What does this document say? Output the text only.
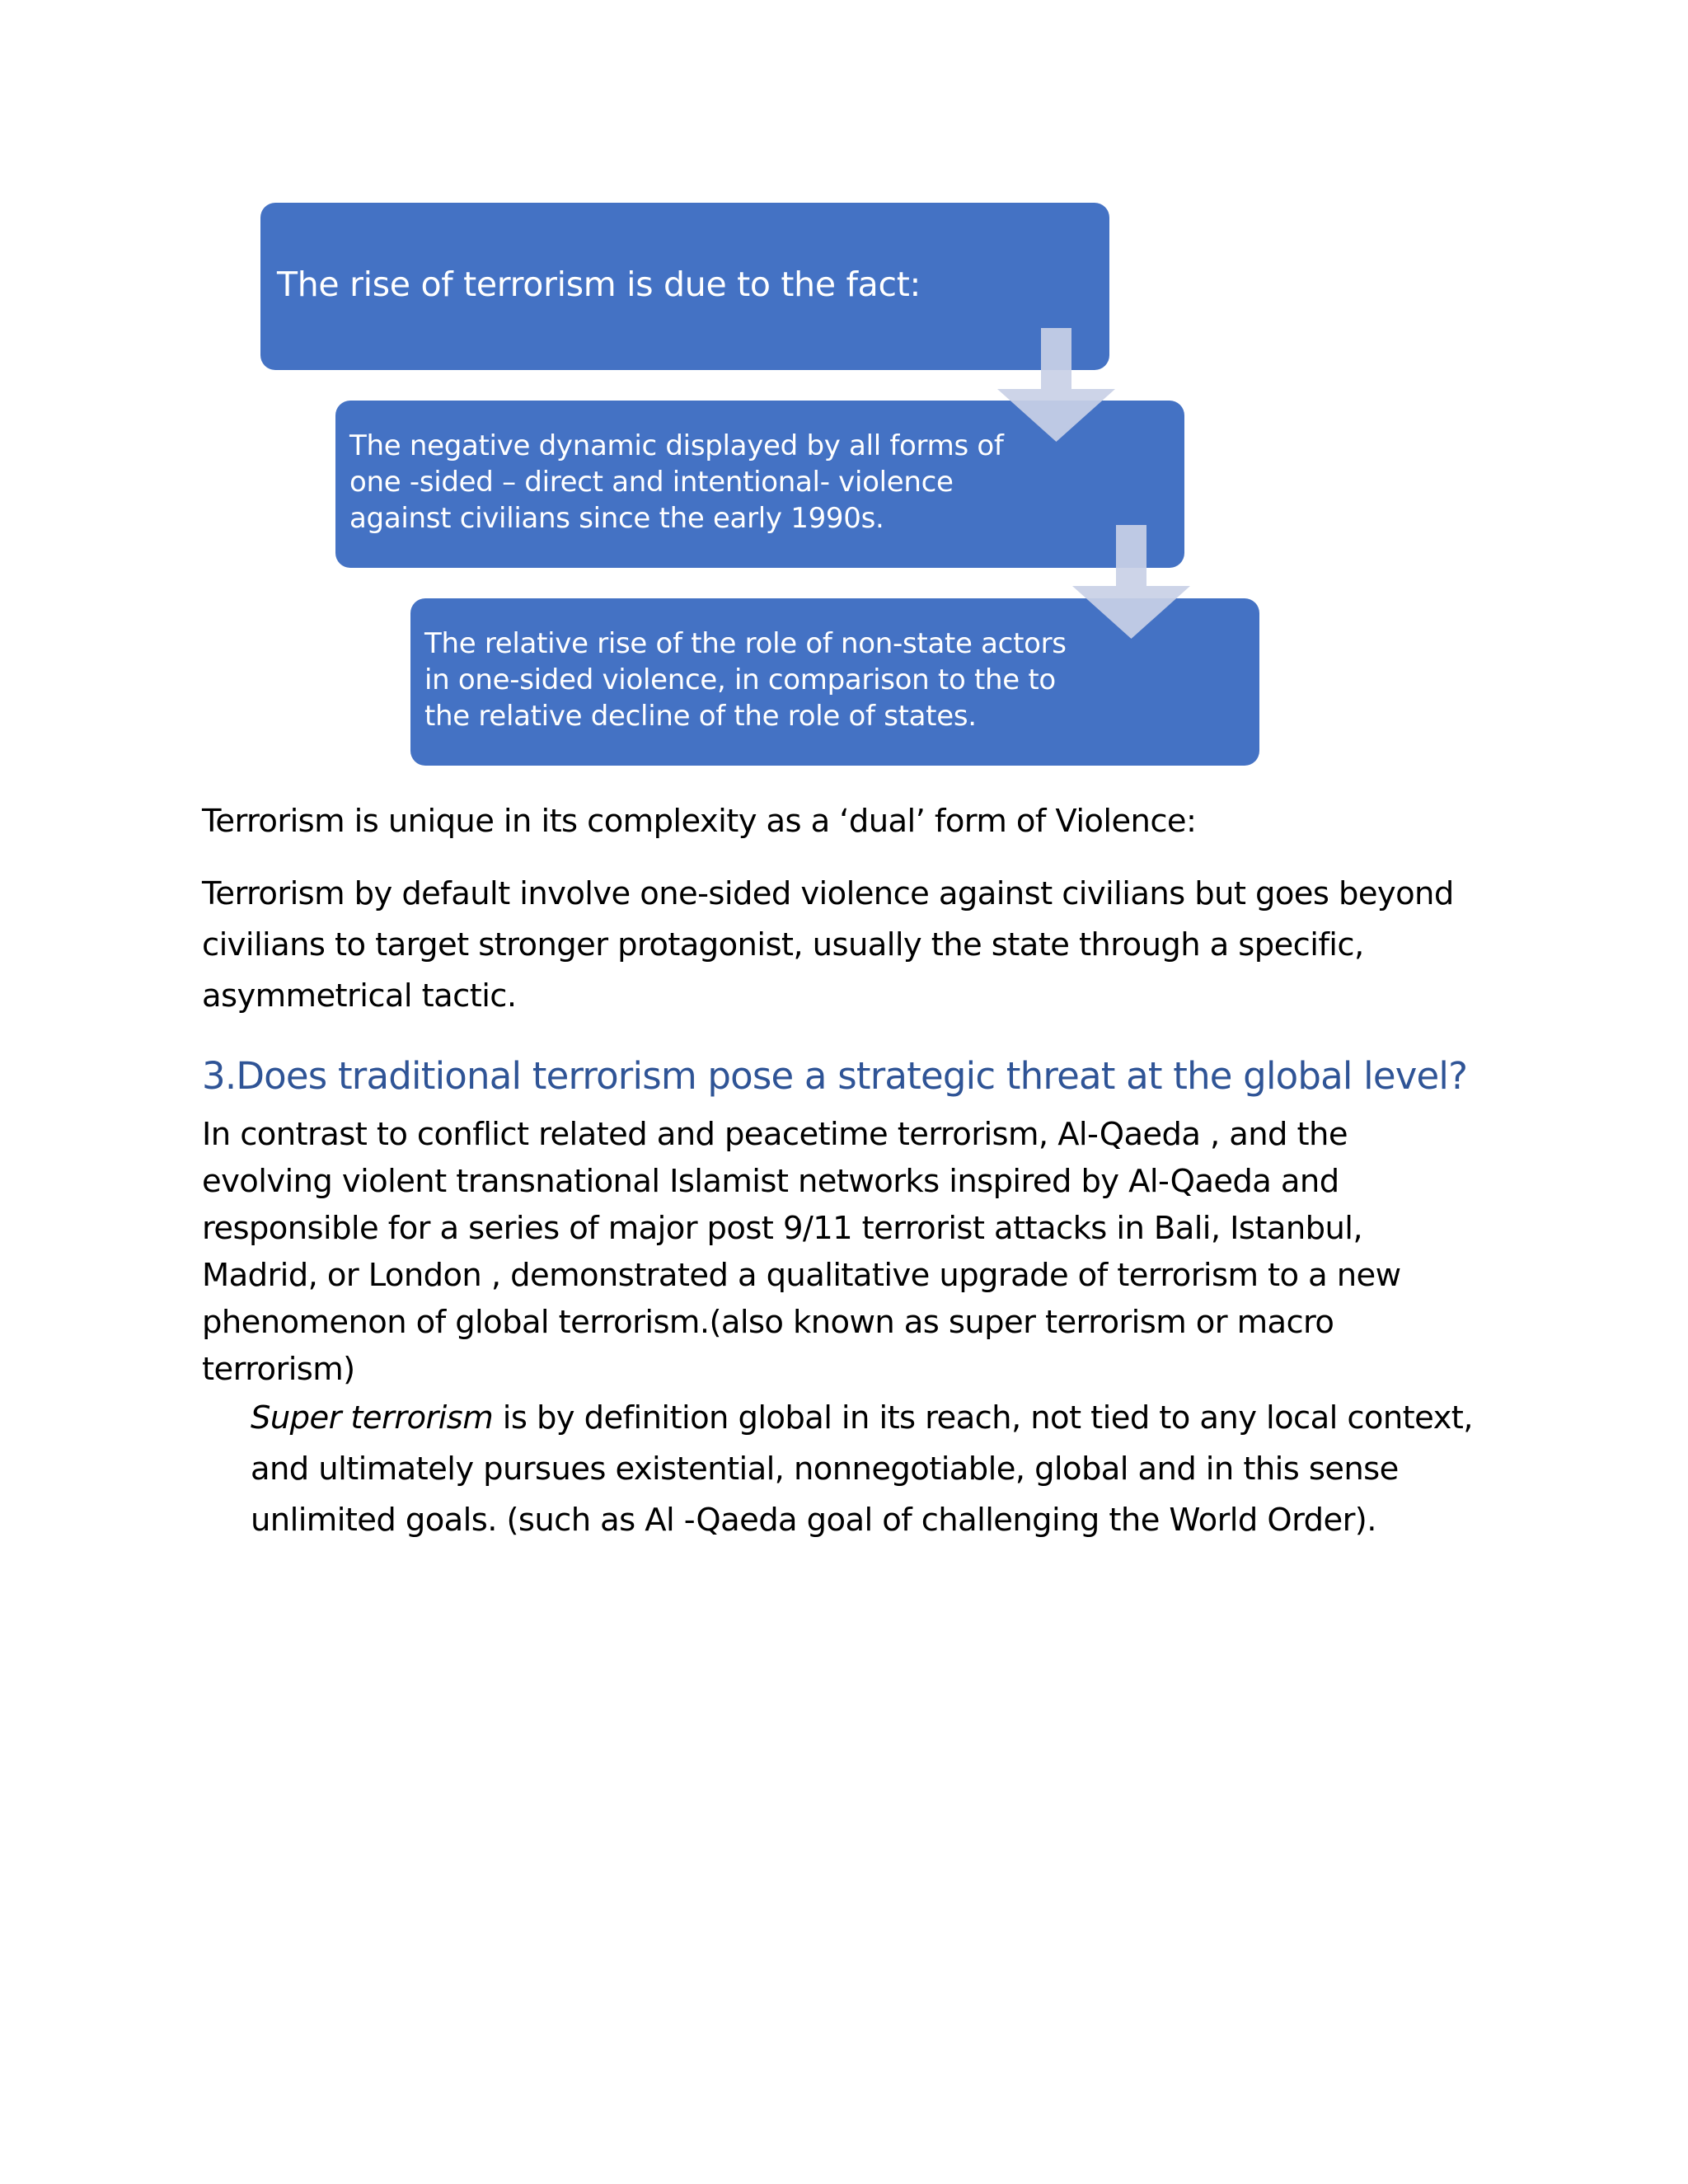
The rise of terrorism is due to the fact:
The negative dynamic displayed by all forms of
one -sided – direct and intentional- violence
against civilians since the early 1990s.
The relative rise of the role of non-state actors
in one-sided violence, in comparison to the to
the relative decline of the role of states.
Terrorism is unique in its complexity as a ‘dual’ form of Violence:
Terrorism by default involve one-sided violence against civilians but goes beyond
civilians to target stronger protagonist, usually the state through a specific,
asymmetrical tactic.
3.Does traditional terrorism pose a strategic threat at the global level?
In contrast to conflict related and peacetime terrorism, Al-Qaeda , and the
evolving violent transnational Islamist networks inspired by Al-Qaeda and
responsible for a series of major post 9/11 terrorist attacks in Bali, Istanbul,
Madrid, or London , demonstrated a qualitative upgrade of terrorism to a new
phenomenon of global terrorism.(also known as super terrorism or macro
terrorism)
Super terrorism is by definition global in its reach, not tied to any local context,
and ultimately pursues existential, nonnegotiable, global and in this sense
unlimited goals. (such as Al -Qaeda goal of challenging the World Order).
